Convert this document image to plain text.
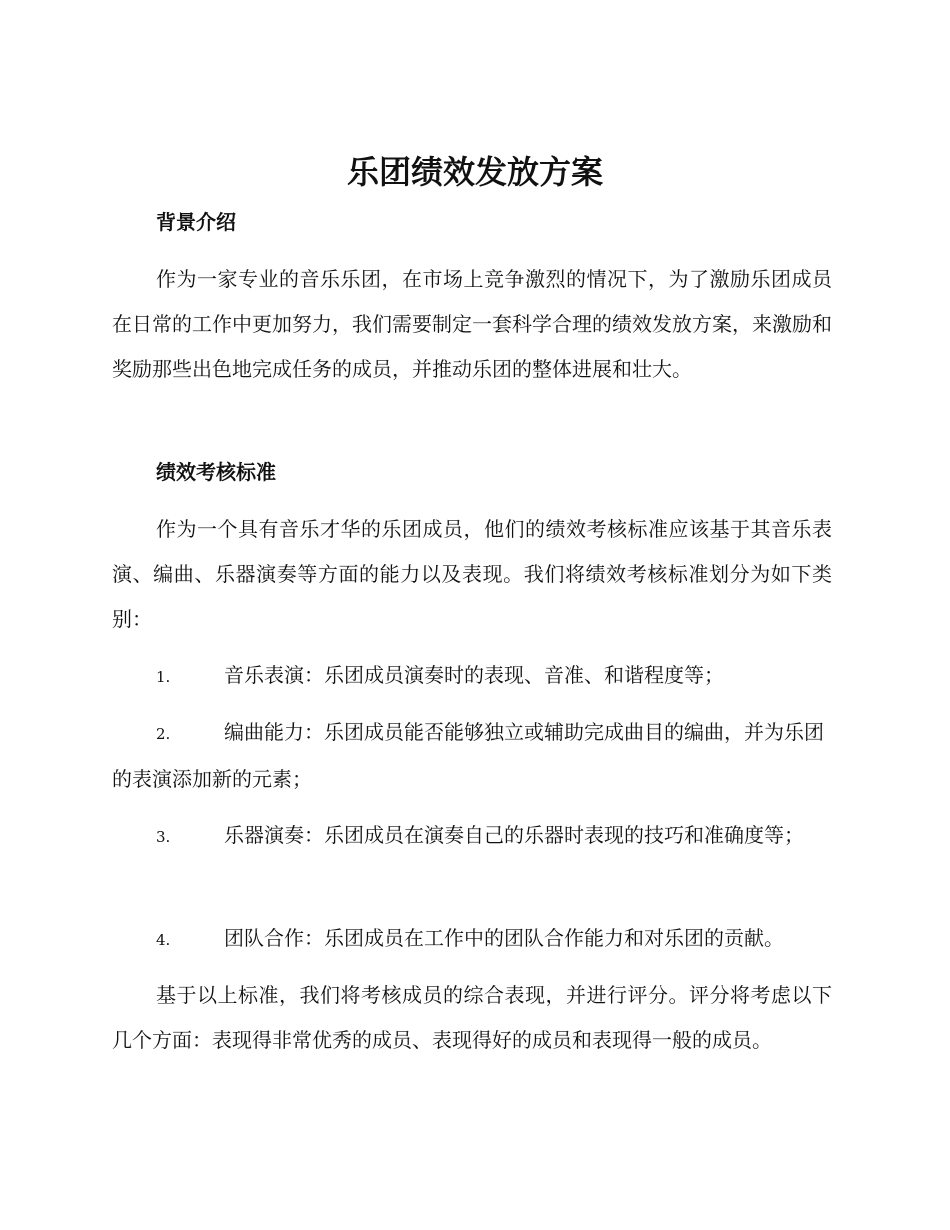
乐团绩效发放方案
背景介绍

作为一家专业的音乐乐团，在市场上竞争激烈的情况下，为了激励乐团成员在日常的工作中更加努力，我们需要制定一套科学合理的绩效发放方案，来激励和奖励那些出色地完成任务的成员，并推动乐团的整体进展和壮大。

绩效考核标准

作为一个具有音乐才华的乐团成员，他们的绩效考核标准应该基于其音乐表演、编曲、乐器演奏等方面的能力以及表现。我们将绩效考核标准划分为如下类别：

1.	音乐表演：乐团成员演奏时的表现、音准、和谐程度等；

2.	编曲能力：乐团成员能否能够独立或辅助完成曲目的编曲，并为乐团的表演添加新的元素；

3.	乐器演奏：乐团成员在演奏自己的乐器时表现的技巧和准确度等；

4.	团队合作：乐团成员在工作中的团队合作能力和对乐团的贡献。

基于以上标准，我们将考核成员的综合表现，并进行评分。评分将考虑以下几个方面：表现得非常优秀的成员、表现得好的成员和表现得一般的成员。
